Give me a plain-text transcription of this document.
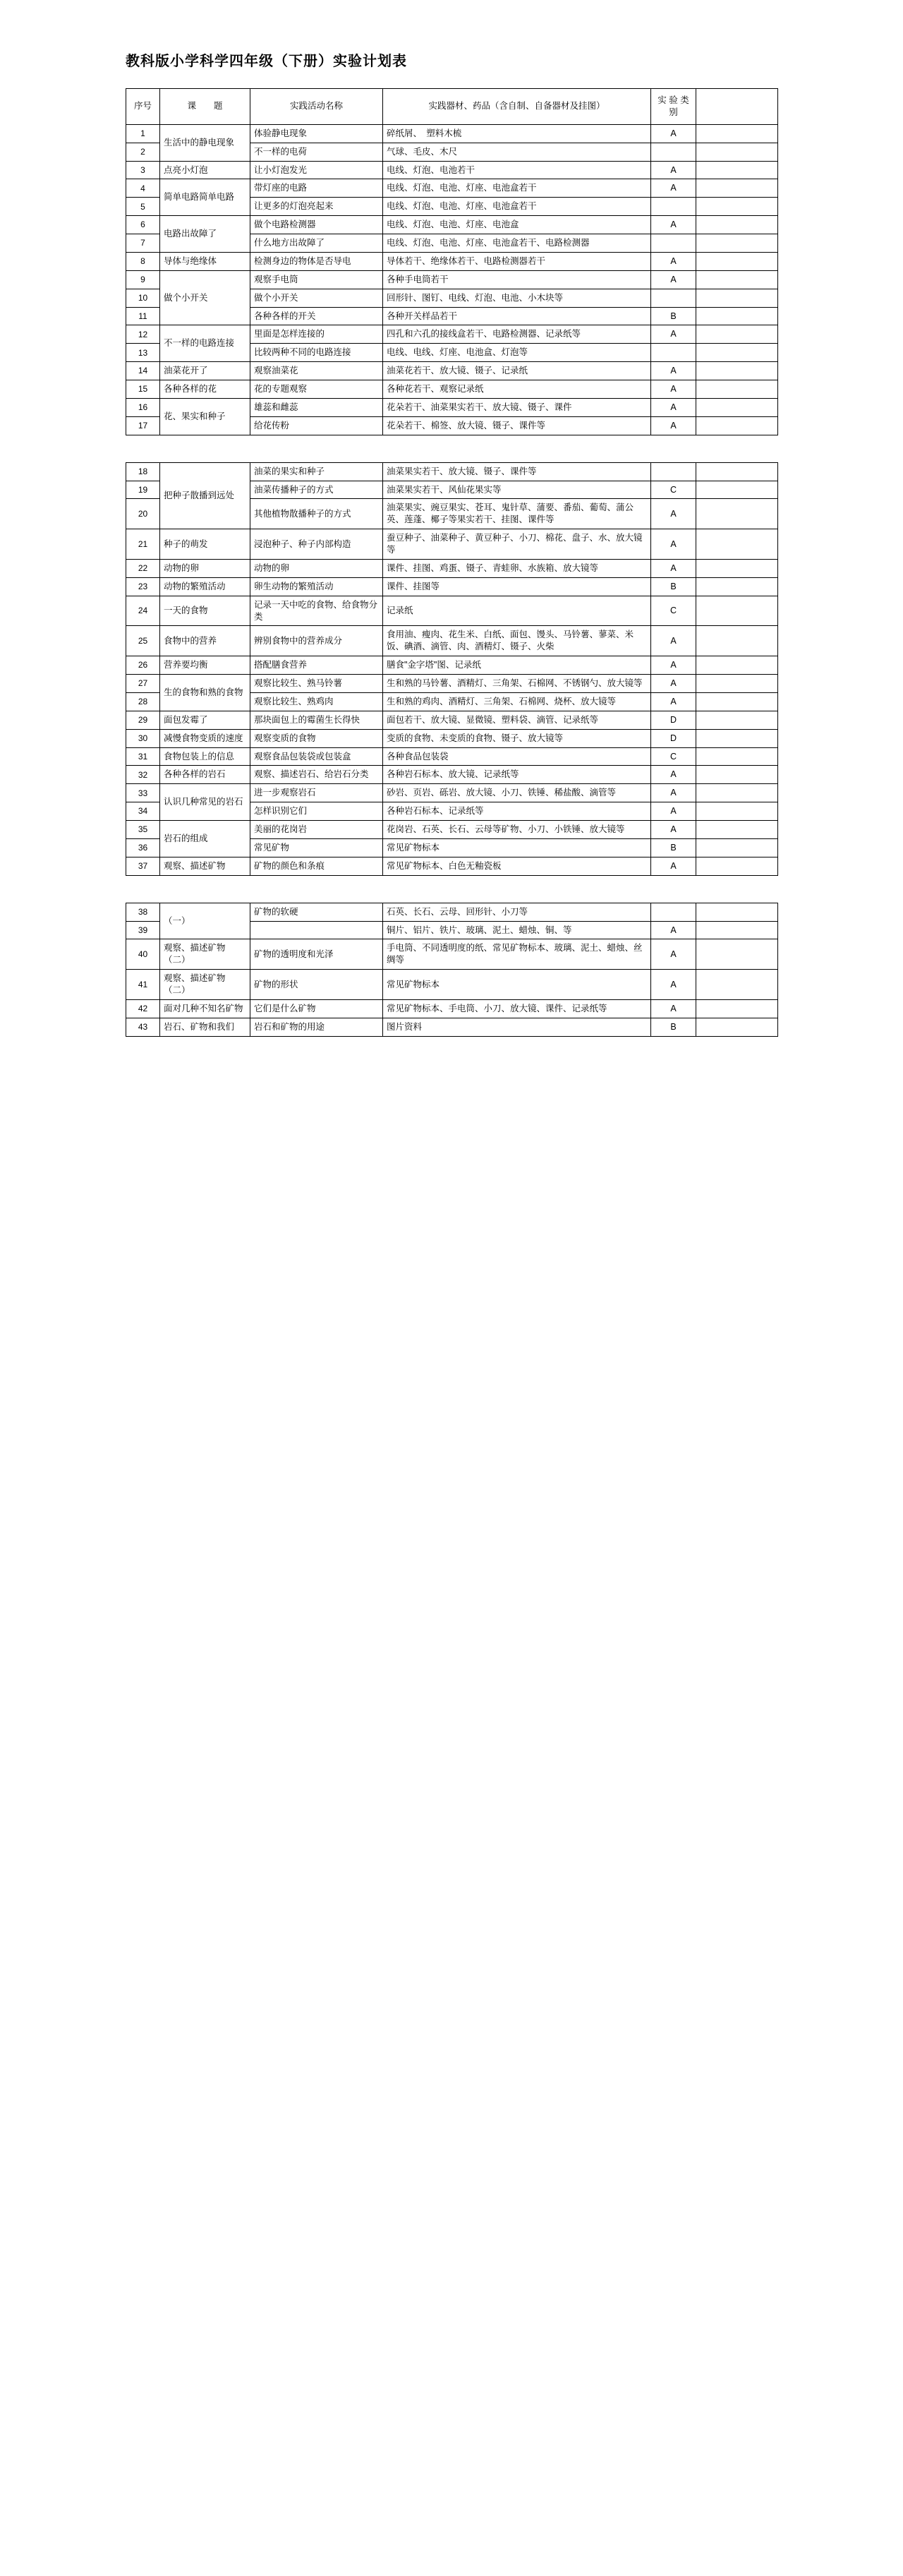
教科版小学科学四年级（下册）实验计划表
序号	课　　题	实践活动名称	实践器材、药品（含自制、自备器材及挂图）	实 验 类别	
1	生活中的静电现象	体验静电现象	碎纸屑、　塑料木梳	A	
2		不一样的电荷	气球、毛皮、木尺		
3	点亮小灯泡	让小灯泡发光	电线、灯泡、电池若干	A	
4	简单电路简单电路	带灯座的电路	电线、灯泡、电池、灯座、电池盒若干	A	
5		让更多的灯泡亮起来	电线、灯泡、电池、灯座、电池盒若干		
6	电路出故障了	做个电路检测器	电线、灯泡、电池、灯座、电池盒	A	
7		什么地方出故障了	电线、灯泡、电池、灯座、电池盒若干、电路检测器		
8	导体与绝缘体	检测身边的物体是否导电	导体若干、绝缘体若干、电路检测器若干	A	
9	做个小开关	观察手电筒	各种手电筒若干	A	
10		做个小开关	回形针、图钉、电线、灯泡、电池、小木块等		
11		各种各样的开关	各种开关样品若干	B	
12	不一样的电路连接	里面是怎样连接的	四孔和六孔的接线盒若干、电路检测器、记录纸等	A	
13		比较两种不同的电路连接	电线、电线、灯座、电池盒、灯泡等		
14	油菜花开了	观察油菜花	油菜花若干、放大镜、镊子、记录纸	A	
15	各种各样的花	花的专题观察	各种花若干、观察记录纸	A	
16	花、果实和种子	雄蕊和雌蕊	花朵若干、油菜果实若干、放大镜、镊子、课件	A	
17		给花传粉	花朵若干、棉签、放大镜、镊子、课件等	A	
18	把种子散播到远处	油菜的果实和种子	油菜果实若干、放大镜、镊子、课件等		
19		油菜传播种子的方式	油菜果实若干、风仙花果实等	C	
20		其他植物散播种子的方式	油菜果实、豌豆果实、苍耳、鬼针草、蒲要、番茄、葡萄、蒲公英、莲蓬、椰子等果实若干、挂图、课件等	A	
21	种子的萌发	浸泡种子、种子内部构造	蚕豆种子、油菜种子、黄豆种子、小刀、棉花、盘子、水、放大镜等	A	
22	动物的卵	动物的卵	课件、挂图、鸡蛋、镊子、青蛙卵、水族箱、放大镜等	A	
23	动物的繁殖活动	卵生动物的繁殖活动	课件、挂图等	B	
24	一天的食物	记录一天中吃的食物、给食物分类	记录纸	C	
25	食物中的营养	辨别食物中的营养成分	食用油、瘦肉、花生米、白纸、面包、馒头、马铃薯、蓼菜、米饭、碘酒、滴管、肉、酒精灯、镊子、火柴	A	
26	营养要均衡	搭配膳食营养	膳食"金字塔"图、记录纸	A	
27	生的食物和熟的食物	观察比较生、熟马铃薯	生和熟的马铃薯、酒精灯、三角架、石棉网、不锈钢勺、放大镜等	A	
28		观察比较生、熟鸡肉	生和熟的鸡肉、酒精灯、三角架、石棉网、烧杯、放大镜等	A	
29	面包发霉了	那块面包上的霉菌生长得快	面包若干、放大镜、显微镜、塑料袋、滴管、记录纸等	D	
30	减慢食物变质的速度	观察变质的食物	变质的食物、未变质的食物、镊子、放大镜等	D	
31	食物包装上的信息	观察食品包装袋或包装盒	各种食品包装袋	C	
32	各种各样的岩石	观察、描述岩石、给岩石分类	各种岩石标本、放大镜、记录纸等	A	
33	认识几种常见的岩石	进一步观察岩石	砂岩、页岩、砾岩、放大镜、小刀、铁锤、稀盐酸、滴管等	A	
34		怎样识别它们	各种岩石标本、记录纸等	A	
35	岩石的组成	美丽的花岗岩	花岗岩、石英、长石、云母等矿物、小刀、小铁锤、放大镜等	A	
36		常见矿物	常见矿物标本	B	
37	观察、描述矿物	矿物的颜色和条痕	常见矿物标本、白色无釉瓷板	A	
38	（一）	矿物的软硬	石英、长石、云母、回形针、小刀等		
39			铜片、铝片、铁片、玻璃、泥土、蜡烛、铜、等	A	
40	观察、描述矿物（二）	矿物的透明度和光泽	手电筒、不同透明度的纸、常见矿物标本、玻璃、泥土、蜡烛、丝绸等	A	
41	观察、描述矿物（二）	矿物的形状	常见矿物标本	A	
42	面对几种不知名矿物	它们是什么矿物	常见矿物标本、手电筒、小刀、放大镜、课件、记录纸等	A	
43	岩石、矿物和我们	岩石和矿物的用途	图片资料	B	
